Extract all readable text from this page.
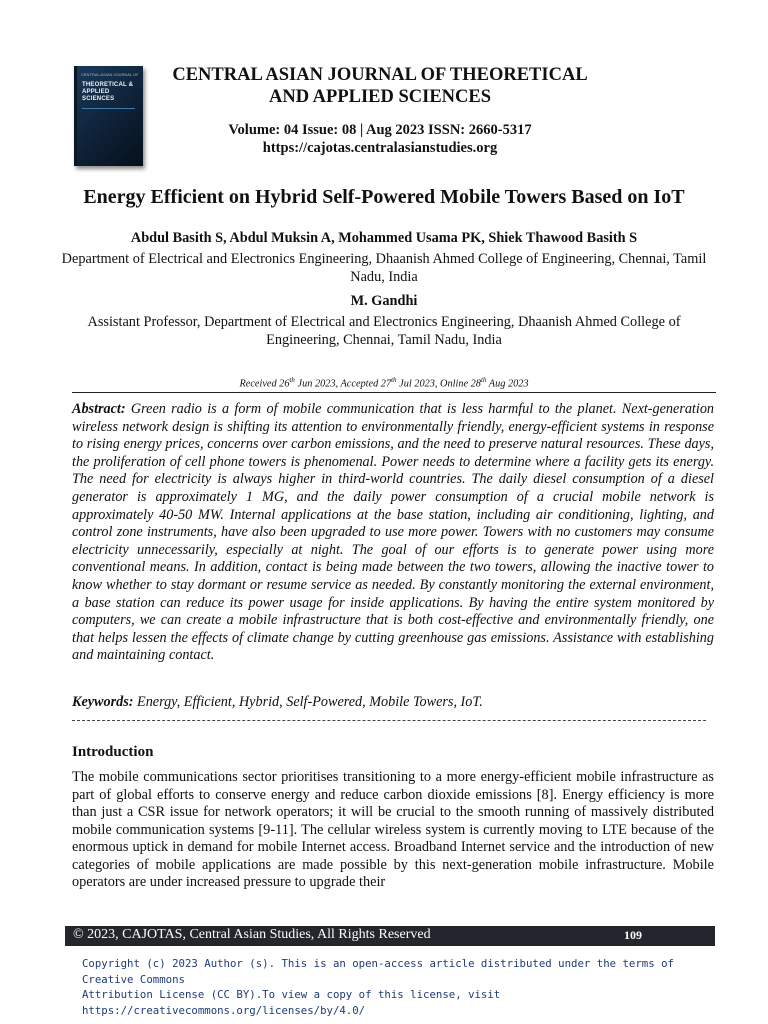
CENTRAL ASIAN JOURNAL OF
THEORETICAL &
APPLIED
SCIENCES
CENTRAL ASIAN JOURNAL OF THEORETICAL
AND APPLIED SCIENCES
Volume: 04 Issue: 08 | Aug 2023 ISSN: 2660-5317
https://cajotas.centralasianstudies.org
Energy Efficient on Hybrid Self-Powered Mobile Towers Based on IoT
Abdul Basith S, Abdul Muksin A, Mohammed Usama PK, Shiek Thawood Basith S
Department of Electrical and Electronics Engineering, Dhaanish Ahmed College of Engineering, Chennai, Tamil Nadu, India
M. Gandhi
Assistant Professor, Department of Electrical and Electronics Engineering, Dhaanish Ahmed College of Engineering, Chennai, Tamil Nadu, India
Received 26th Jun 2023, Accepted 27th Jul 2023, Online 28th Aug 2023
Abstract: Green radio is a form of mobile communication that is less harmful to the planet. Next-generation wireless network design is shifting its attention to environmentally friendly, energy-efficient systems in response to rising energy prices, concerns over carbon emissions, and the need to preserve natural resources. These days, the proliferation of cell phone towers is phenomenal. Power needs to determine where a facility gets its energy. The need for electricity is always higher in third-world countries. The daily diesel consumption of a diesel generator is approximately 1 MG, and the daily power consumption of a crucial mobile network is approximately 40-50 MW. Internal applications at the base station, including air conditioning, lighting, and control zone instruments, have also been upgraded to use more power. Towers with no customers may consume electricity unnecessarily, especially at night. The goal of our efforts is to generate power using more conventional means. In addition, contact is being made between the two towers, allowing the inactive tower to know whether to stay dormant or resume service as needed. By constantly monitoring the external environment, a base station can reduce its power usage for inside applications. By having the entire system monitored by computers, we can create a mobile infrastructure that is both cost-effective and environmentally friendly, one that helps lessen the effects of climate change by cutting greenhouse gas emissions. Assistance with establishing and maintaining contact.
Keywords: Energy, Efficient, Hybrid, Self-Powered, Mobile Towers, IoT.
Introduction
The mobile communications sector prioritises transitioning to a more energy-efficient mobile infrastructure as part of global efforts to conserve energy and reduce carbon dioxide emissions [8]. Energy efficiency is more than just a CSR issue for network operators; it will be crucial to the smooth running of massively distributed mobile communication systems [9-11]. The cellular wireless system is currently moving to LTE because of the enormous uptick in demand for mobile Internet access. Broadband Internet service and the introduction of new categories of mobile applications are made possible by this next-generation mobile infrastructure. Mobile operators are under increased pressure to upgrade their
© 2023, CAJOTAS, Central Asian Studies, All Rights Reserved	109
Copyright (c) 2023 Author (s). This is an open-access article distributed under the terms of Creative Commons
Attribution License (CC BY).To view a copy of this license, visit https://creativecommons.org/licenses/by/4.0/
